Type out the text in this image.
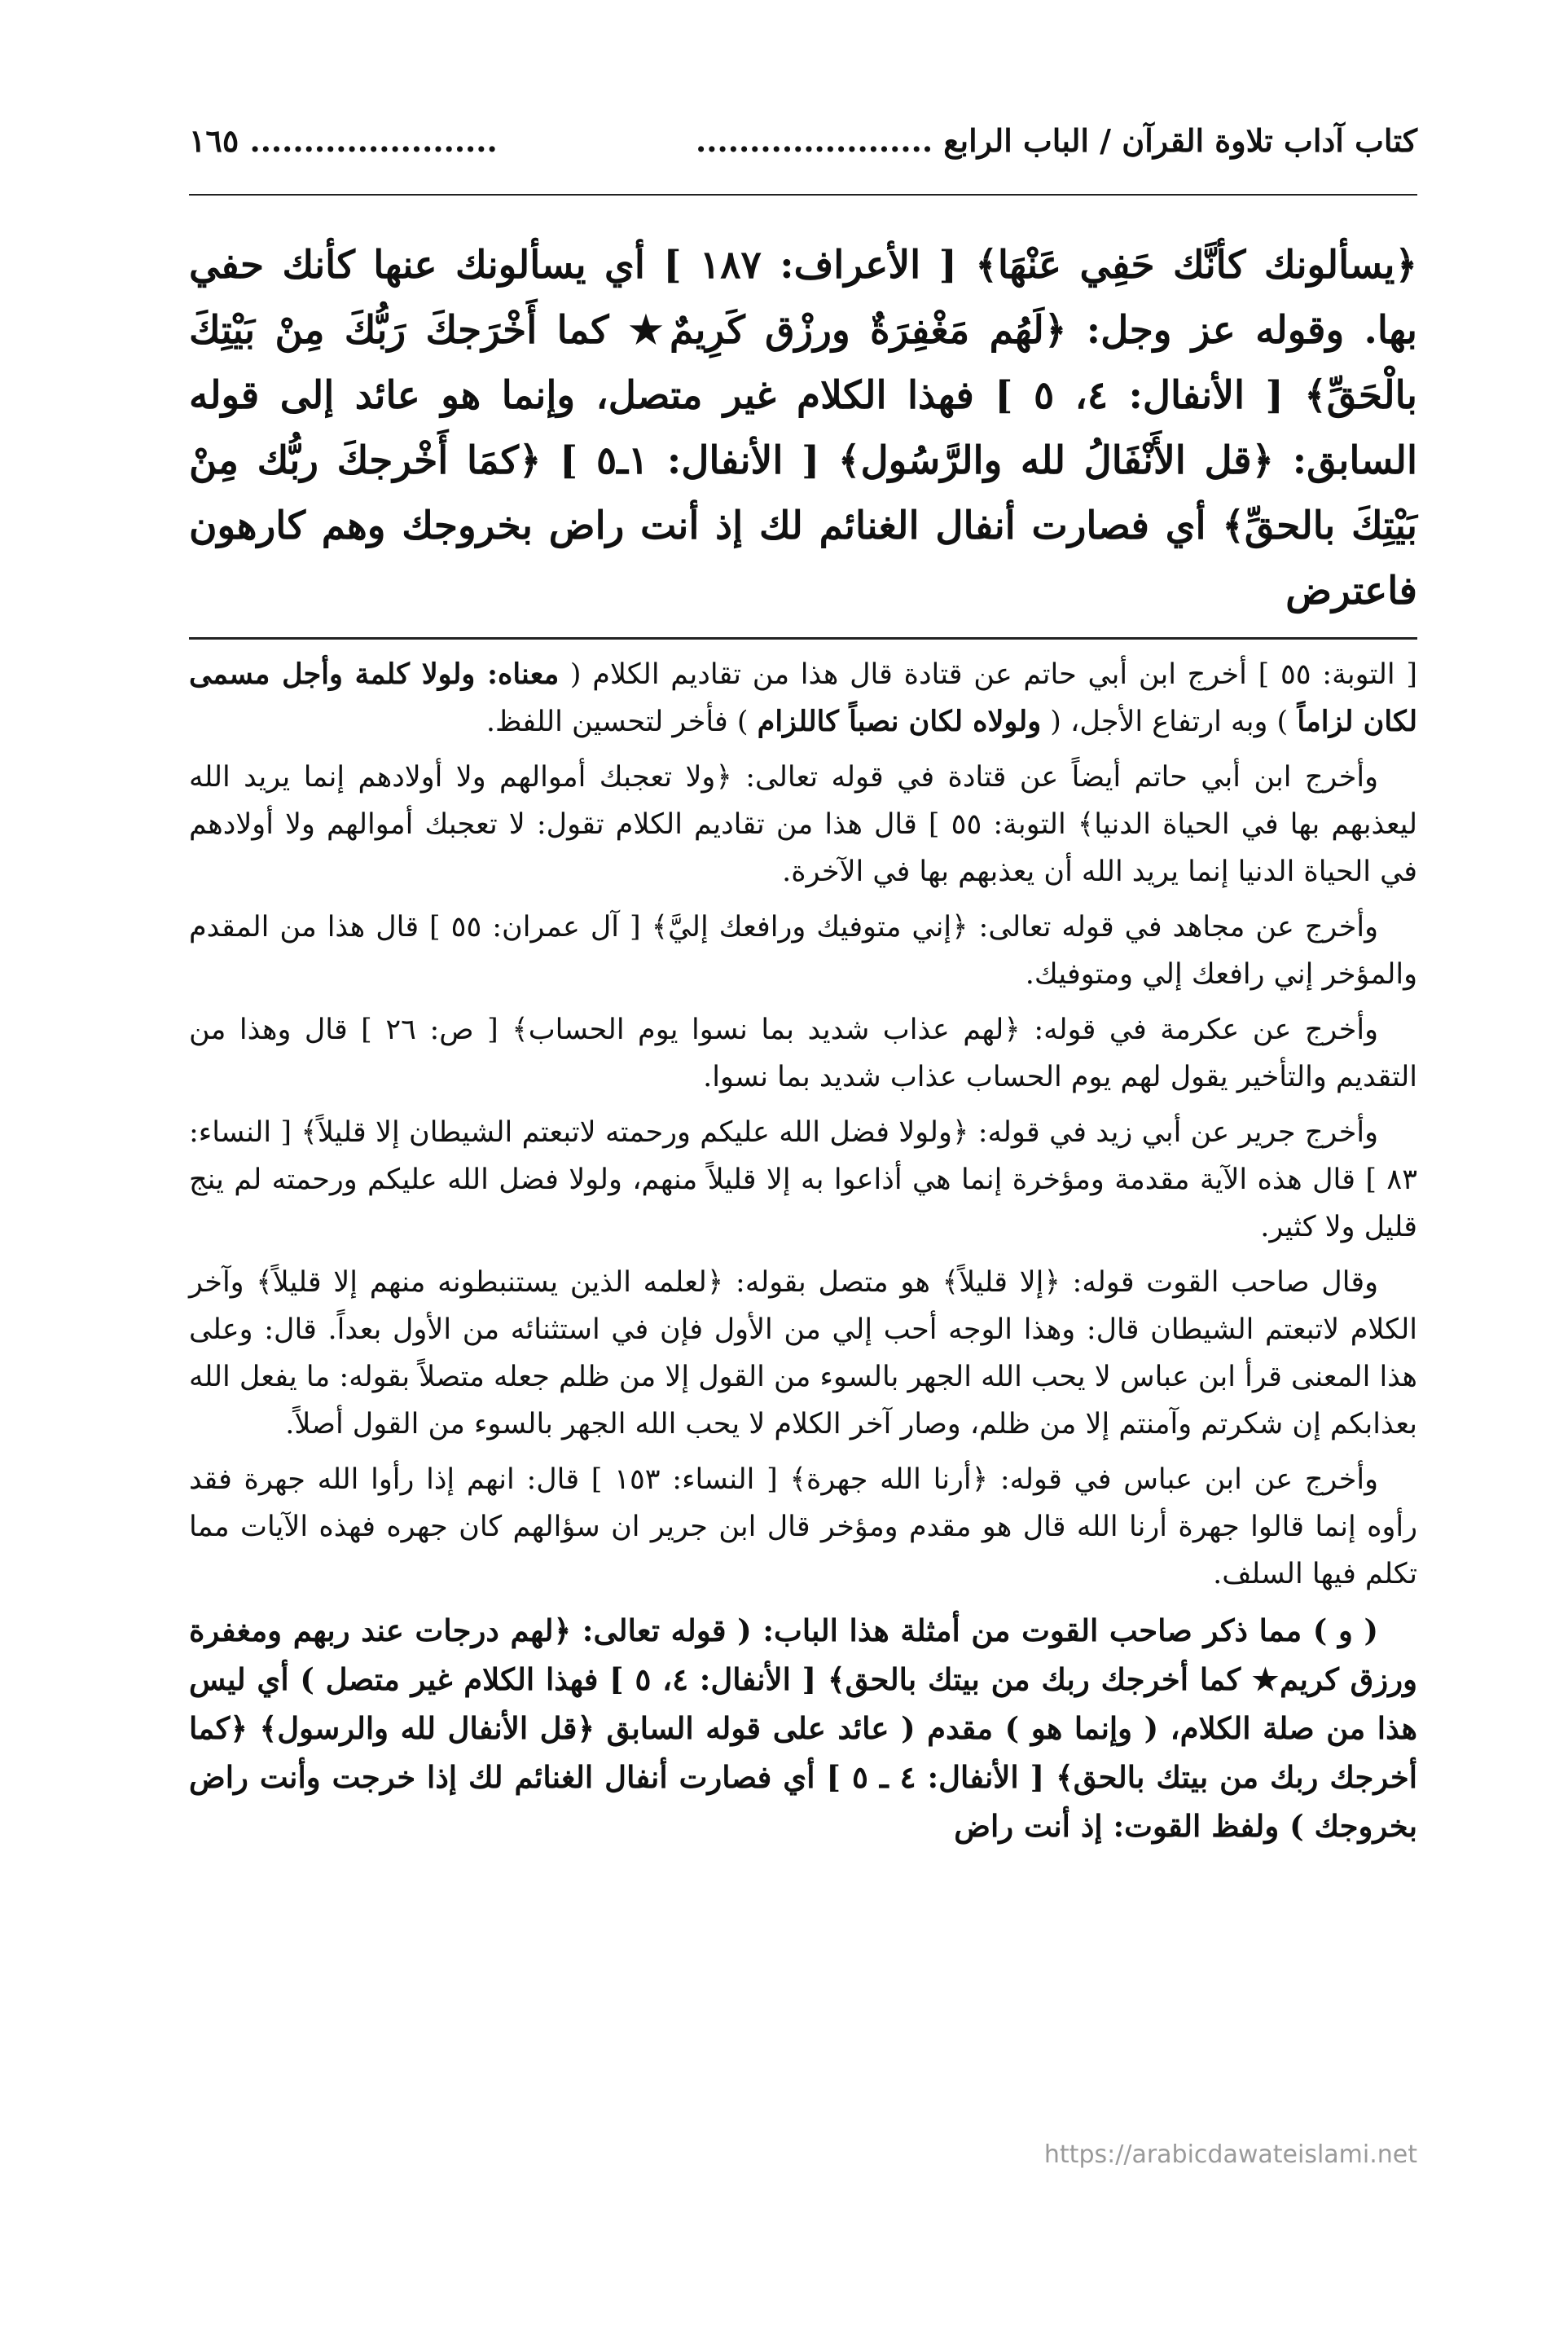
كتاب آداب تلاوة القرآن / الباب الرابع ......................
١٦٥ .......................

﴿يسألونك كأنَّك حَفِي عَنْهَا﴾ [ الأعراف: ١٨٧ ] أي يسألونك عنها كأنك حفي بها. وقوله عز وجل: ﴿لَهُم مَغْفِرَةٌ ورزْق كَرِيمٌ★ كما أَخْرَجكَ رَبُّكَ مِنْ بَيْتِكَ بالْحَقِّ﴾ [ الأنفال: ٤، ٥ ] فهذا الكلام غير متصل، وإنما هو عائد إلى قوله السابق: ﴿قل الأَنْفَالُ لله والرَّسُول﴾ [ الأنفال: ١ـ٥ ] ﴿كمَا أَخْرجكَ ربُّك مِنْ بَيْتِكَ بالحقِّ﴾ أي فصارت أنفال الغنائم لك إذ أنت راض بخروجك وهم كارهون فاعترض

[ التوبة: ٥٥ ] أخرج ابن أبي حاتم عن قتادة قال هذا من تقاديم الكلام ( معناه: ولولا كلمة وأجل مسمى لكان لزاماً ) وبه ارتفاع الأجل، ( ولولاه لكان نصباً كاللزام ) فأخر لتحسين اللفظ.

وأخرج ابن أبي حاتم أيضاً عن قتادة في قوله تعالى: ﴿ولا تعجبك أموالهم ولا أولادهم إنما يريد الله ليعذبهم بها في الحياة الدنيا﴾ التوبة: ٥٥ ] قال هذا من تقاديم الكلام تقول: لا تعجبك أموالهم ولا أولادهم في الحياة الدنيا إنما يريد الله أن يعذبهم بها في الآخرة.

وأخرج عن مجاهد في قوله تعالى: ﴿إني متوفيك ورافعك إليَّ﴾ [ آل عمران: ٥٥ ] قال هذا من المقدم والمؤخر إني رافعك إلي ومتوفيك.

وأخرج عن عكرمة في قوله: ﴿لهم عذاب شديد بما نسوا يوم الحساب﴾ [ ص: ٢٦ ] قال وهذا من التقديم والتأخير يقول لهم يوم الحساب عذاب شديد بما نسوا.

وأخرج جرير عن أبي زيد في قوله: ﴿ولولا فضل الله عليكم ورحمته لاتبعتم الشيطان إلا قليلاً﴾ [ النساء: ٨٣ ] قال هذه الآية مقدمة ومؤخرة إنما هي أذاعوا به إلا قليلاً منهم، ولولا فضل الله عليكم ورحمته لم ينج قليل ولا كثير.

وقال صاحب القوت قوله: ﴿إلا قليلاً﴾ هو متصل بقوله: ﴿لعلمه الذين يستنبطونه منهم إلا قليلاً﴾ وآخر الكلام لاتبعتم الشيطان قال: وهذا الوجه أحب إلي من الأول فإن في استثنائه من الأول بعداً. قال: وعلى هذا المعنى قرأ ابن عباس لا يحب الله الجهر بالسوء من القول إلا من ظلم جعله متصلاً بقوله: ما يفعل الله بعذابكم إن شكرتم وآمنتم إلا من ظلم، وصار آخر الكلام لا يحب الله الجهر بالسوء من القول أصلاً.

وأخرج عن ابن عباس في قوله: ﴿أرنا الله جهرة﴾ [ النساء: ١٥٣ ] قال: انهم إذا رأوا الله جهرة فقد رأوه إنما قالوا جهرة أرنا الله قال هو مقدم ومؤخر قال ابن جرير ان سؤالهم كان جهره فهذه الآيات مما تكلم فيها السلف.

( و ) مما ذكر صاحب القوت من أمثلة هذا الباب: ( قوله تعالى: ﴿لهم درجات عند ربهم ومغفرة ورزق كريم★ كما أخرجك ربك من بيتك بالحق﴾ [ الأنفال: ٤، ٥ ] فهذا الكلام غير متصل ) أي ليس هذا من صلة الكلام، ( وإنما هو ) مقدم ( عائد على قوله السابق ﴿قل الأنفال لله والرسول﴾ ﴿كما أخرجك ربك من بيتك بالحق﴾ [ الأنفال: ٤ ـ ٥ ] أي فصارت أنفال الغنائم لك إذا خرجت وأنت راض بخروجك ) ولفظ القوت: إذ أنت راض

https://arabicdawateislami.net
